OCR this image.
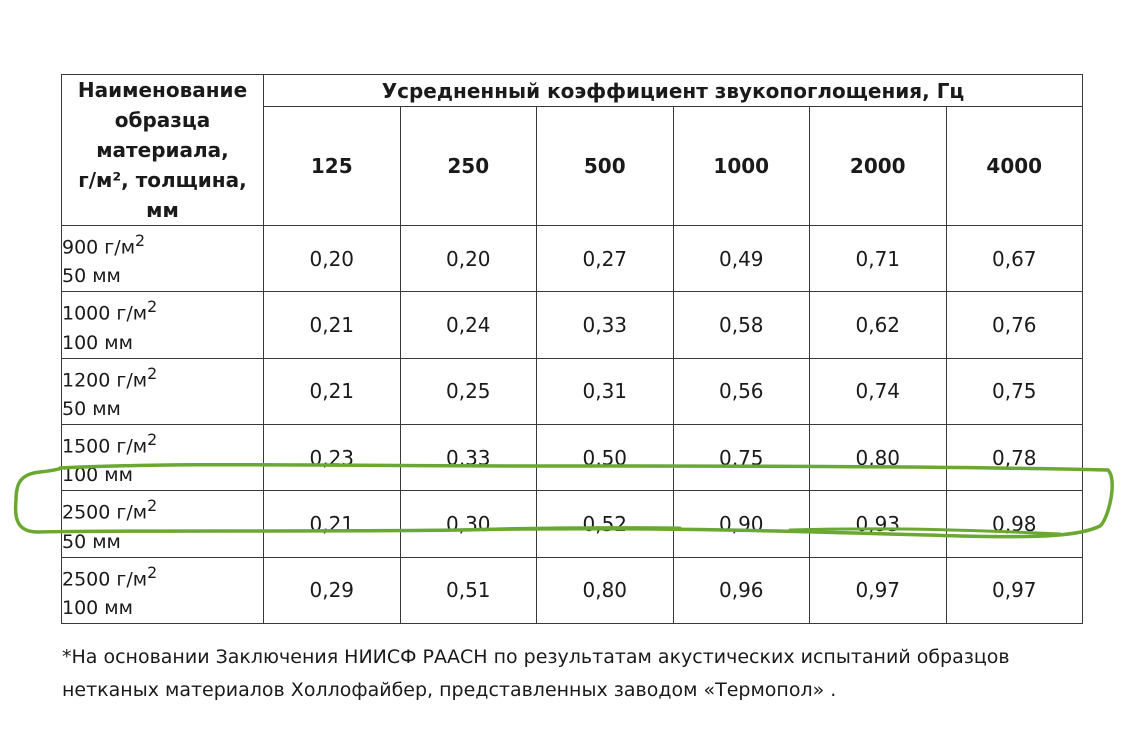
Наименование
образца
материала,
г/м², толщина,
мм	Усредненный коэффициент звукопоглощения, Гц					
	125	250	500	1000	2000	4000

900 $г/м^2$
50 мм	0,20	0,20	0,27	0,49	0,71	0,67

1000 $г/м^2$
100 мм	0,21	0,24	0,33	0,58	0,62	0,76

1200 $г/м^2$
50 мм	0,21	0,25	0,31	0,56	0,74	0,75

1500 $г/м^2$
100 мм	0,23	0,33	0,50	0,75	0,80	0,78

2500 $г/м^2$
50 мм	0,21	0,30	0,52	0,90	0,93	0,98

2500 $г/м^2$
100 мм	0,29	0,51	0,80	0,96	0,97	0,97
*На основании Заключения НИИСФ РААСН по результатам акустических испытаний образцов
нетканых материалов Холлофайбер, представленных заводом «Термопол» .
